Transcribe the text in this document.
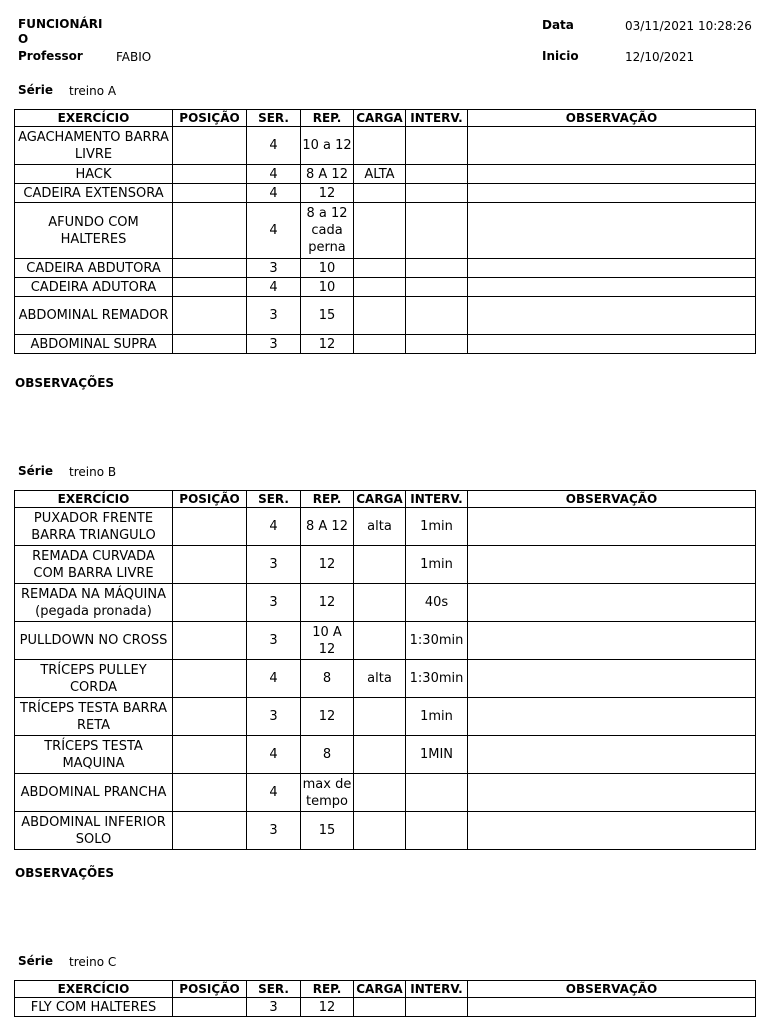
FUNCIONÁRIO
Professor	FABIO
Data	03/11/2021 10:28:26
Inicio	12/10/2021
Série treino A
EXERCÍCIO	POSIÇÃO	SER.	REP.	CARGA	INTERV.	OBSERVAÇÃO
AGACHAMENTO BARRA LIVRE		4	10 a 12			
HACK		4	8 A 12	ALTA		
CADEIRA EXTENSORA		4	12			
AFUNDO COM HALTERES		4	8 a 12 cada perna			
CADEIRA ABDUTORA		3	10			
CADEIRA ADUTORA		4	10			
ABDOMINAL REMADOR		3	15			
ABDOMINAL SUPRA		3	12			
OBSERVAÇÕES
Série treino B
EXERCÍCIO	POSIÇÃO	SER.	REP.	CARGA	INTERV.	OBSERVAÇÃO
PUXADOR FRENTE BARRA TRIANGULO		4	8 A 12	alta	1min	
REMADA CURVADA COM BARRA LIVRE		3	12		1min	
REMADA NA MÁQUINA (pegada pronada)		3	12		40s	
PULLDOWN NO CROSS		3	10 A 12		1:30min	
TRÍCEPS PULLEY CORDA		4	8	alta	1:30min	
TRÍCEPS TESTA BARRA RETA		3	12		1min	
TRÍCEPS TESTA MAQUINA		4	8		1MIN	
ABDOMINAL PRANCHA		4	max de tempo			
ABDOMINAL INFERIOR SOLO		3	15			
OBSERVAÇÕES
Série treino C
EXERCÍCIO	POSIÇÃO	SER.	REP.	CARGA	INTERV.	OBSERVAÇÃO
FLY COM HALTERES		3	12			
